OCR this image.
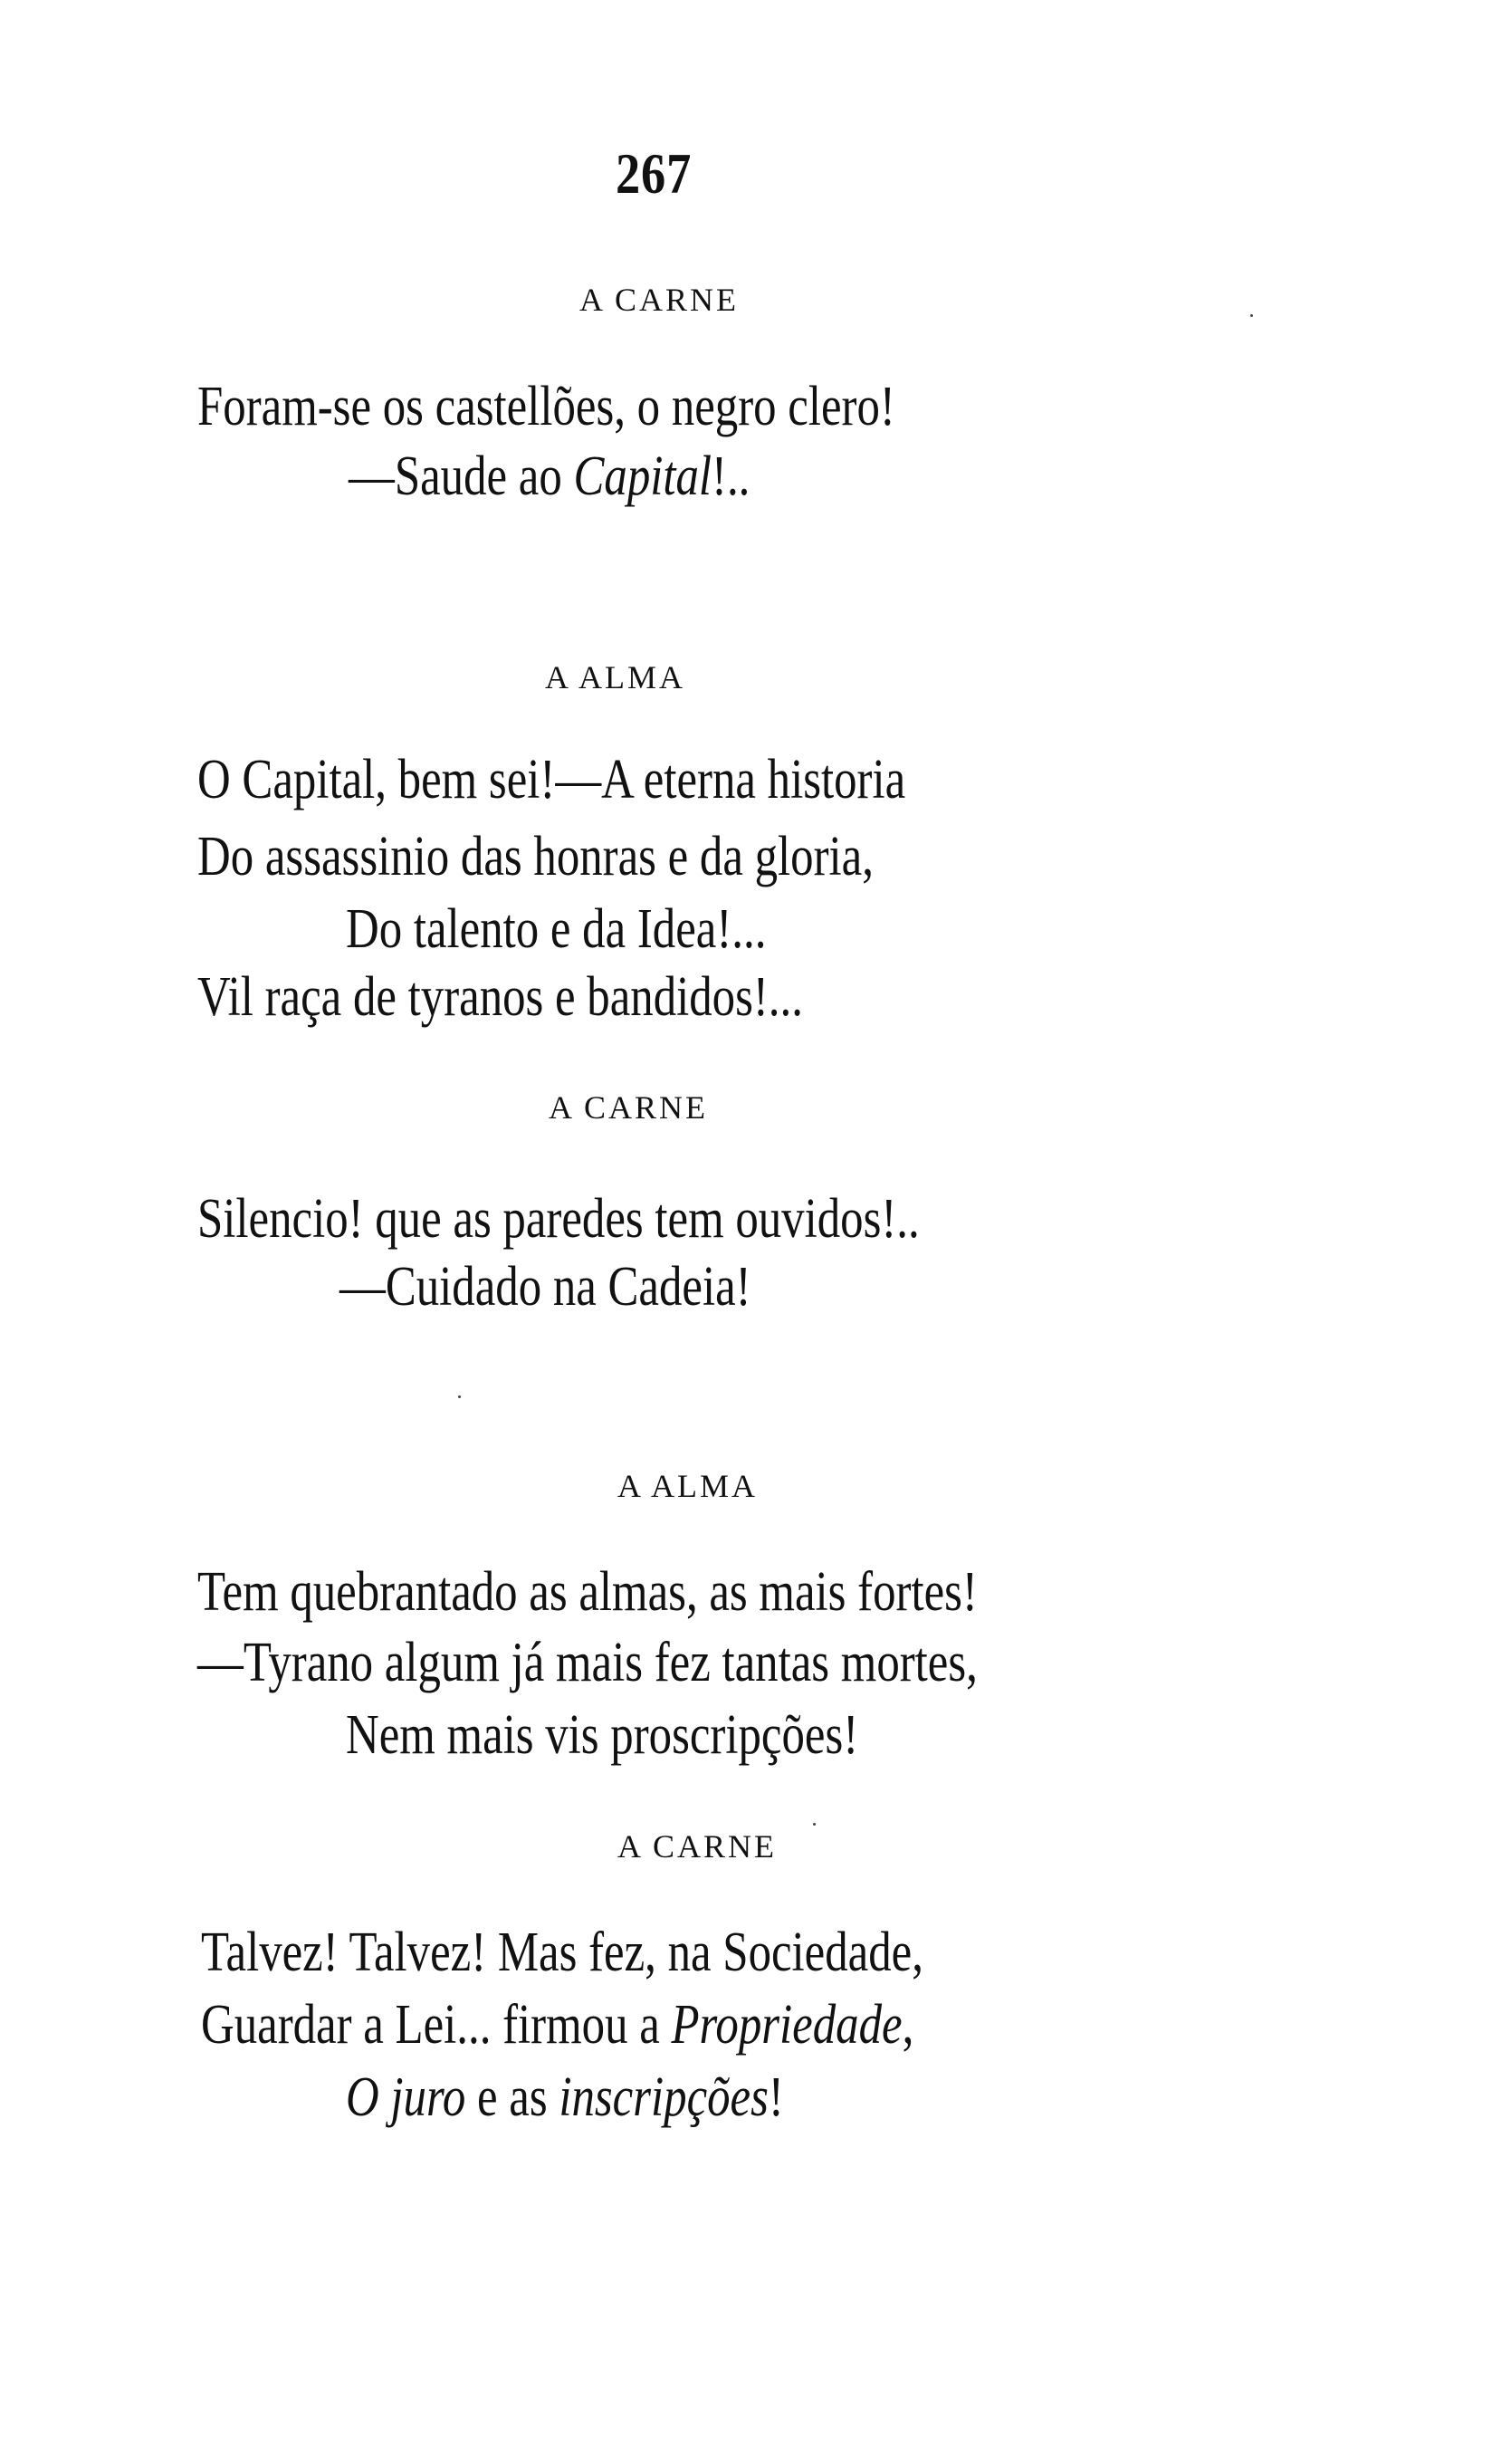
267
A CARNE
Foram-se os castellões, o negro clero!
—Saude ao Capital!..
A ALMA
O Capital, bem sei!—A eterna historia
Do assassinio das honras e da gloria,
Do talento e da Idea!...
Vil raça de tyranos e bandidos!...
A CARNE
Silencio! que as paredes tem ouvidos!..
—Cuidado na Cadeia!
A ALMA
Tem quebrantado as almas, as mais fortes!
—Tyrano algum já mais fez tantas mortes,
Nem mais vis proscripções!
A CARNE
Talvez! Talvez! Mas fez, na Sociedade,
Guardar a Lei... firmou a Propriedade,
O juro e as inscripções!
